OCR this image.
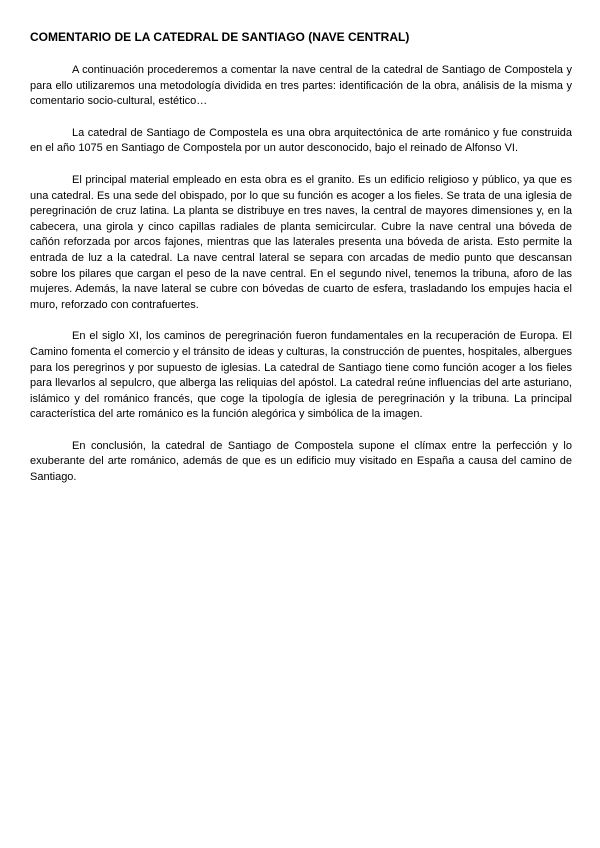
COMENTARIO DE LA CATEDRAL DE SANTIAGO (NAVE CENTRAL)

A continuación procederemos a comentar la nave central de la catedral de Santiago de Compostela y para ello utilizaremos una metodología dividida en tres partes: identificación de la obra, análisis de la misma y comentario socio-cultural, estético…

La catedral de Santiago de Compostela es una obra arquitectónica de arte románico y fue construida en el año 1075 en Santiago de Compostela por un autor desconocido, bajo el reinado de Alfonso VI.

El principal material empleado en esta obra es el granito. Es un edificio religioso y público, ya que es una catedral. Es una sede del obispado, por lo que su función es acoger a los fieles. Se trata de una iglesia de peregrinación de cruz latina. La planta se distribuye en tres naves, la central de mayores dimensiones y, en la cabecera, una girola y cinco capillas radiales de planta semicircular. Cubre la nave central una bóveda de cañón reforzada por arcos fajones, mientras que las laterales presenta una bóveda de arista. Esto permite la entrada de luz a la catedral. La nave central lateral se separa con arcadas de medio punto que descansan sobre los pilares que cargan el peso de la nave central. En el segundo nivel, tenemos la tribuna, aforo de las mujeres. Además, la nave lateral se cubre con bóvedas de cuarto de esfera, trasladando los empujes hacia el muro, reforzado con contrafuertes.

En el siglo XI, los caminos de peregrinación fueron fundamentales en la recuperación de Europa. El Camino fomenta el comercio y el tránsito de ideas y culturas, la construcción de puentes, hospitales, albergues para los peregrinos y por supuesto de iglesias. La catedral de Santiago tiene como función acoger a los fieles para llevarlos al sepulcro, que alberga las reliquias del apóstol. La catedral reúne influencias del arte asturiano, islámico y del románico francés, que coge la tipología de iglesia de peregrinación y la tribuna. La principal característica del arte románico es la función alegórica y simbólica de la imagen.

En conclusión, la catedral de Santiago de Compostela supone el clímax entre la perfección y lo exuberante del arte románico, además de que es un edificio muy visitado en España a causa del camino de Santiago.
